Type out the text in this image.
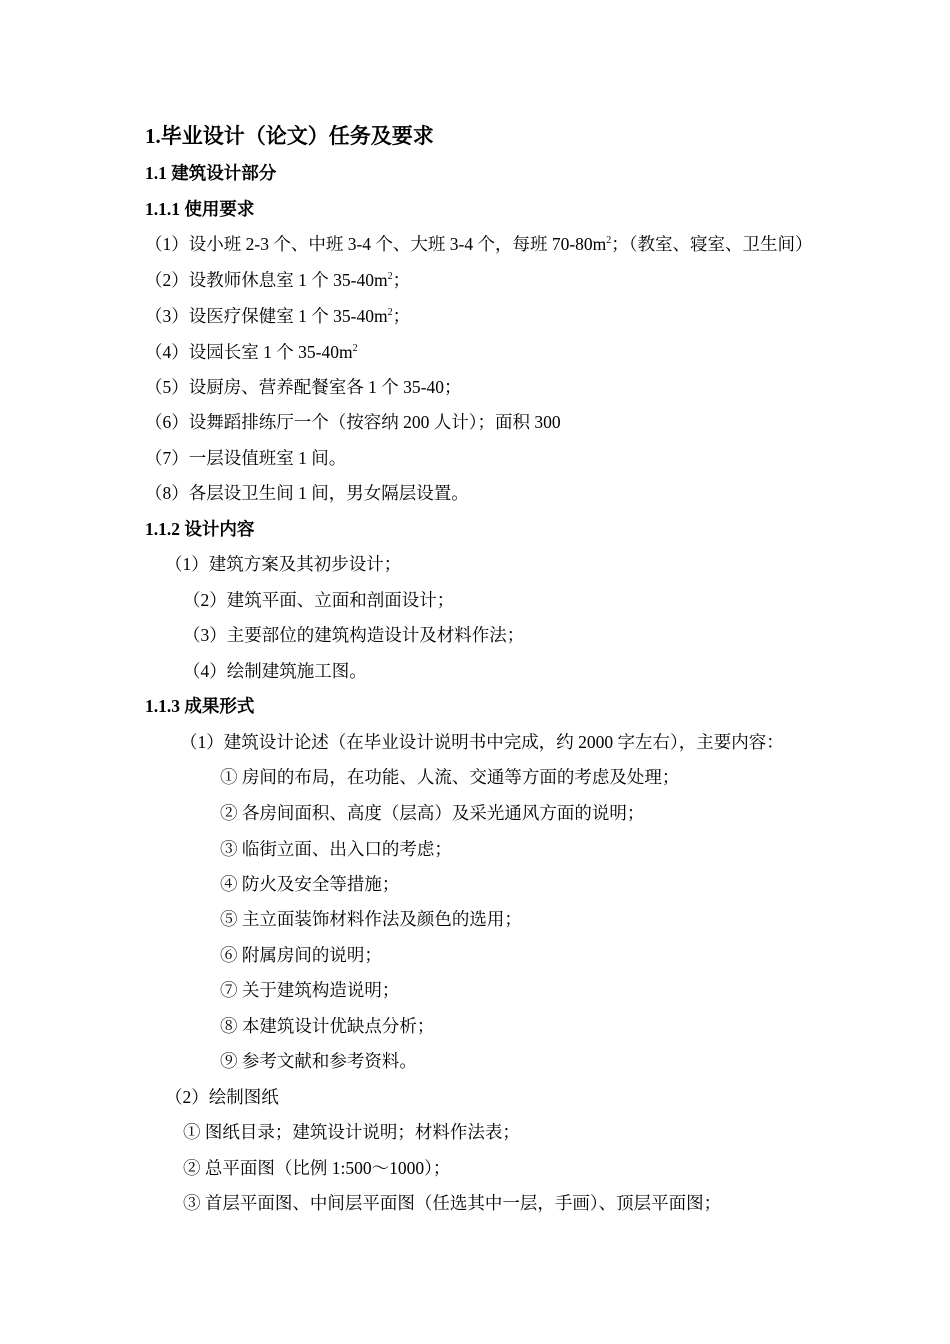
1.毕业设计（论文）任务及要求
1.1 建筑设计部分
1.1.1 使用要求
（1）设小班 2-3 个、中班 3-4 个、大班 3-4 个，每班 $70-80m^2$；（教室、寝室、卫生间）
（2）设教师休息室 1 个 $35-40m^2$；
（3）设医疗保健室 1 个 $35-40m^2$；
（4）设园长室 1 个 $35-40m^2$
（5）设厨房、营养配餐室各 1 个 35-40；
（6）设舞蹈排练厅一个（按容纳 200 人计）；面积 300
（7）一层设值班室 1 间。
（8）各层设卫生间 1 间，男女隔层设置。
1.1.2 设计内容
（1）建筑方案及其初步设计；
（2）建筑平面、立面和剖面设计；
（3）主要部位的建筑构造设计及材料作法；
（4）绘制建筑施工图。
1.1.3 成果形式
（1）建筑设计论述（在毕业设计说明书中完成，约 2000 字左右），主要内容：
① 房间的布局，在功能、人流、交通等方面的考虑及处理；
② 各房间面积、高度（层高）及采光通风方面的说明；
③ 临街立面、出入口的考虑；
④ 防火及安全等措施；
⑤ 主立面装饰材料作法及颜色的选用；
⑥ 附属房间的说明；
⑦ 关于建筑构造说明；
⑧ 本建筑设计优缺点分析；
⑨ 参考文献和参考资料。
（2）绘制图纸
① 图纸目录；建筑设计说明；材料作法表；
② 总平面图（比例 1:500～1000）；
③ 首层平面图、中间层平面图（任选其中一层，手画）、顶层平面图；
